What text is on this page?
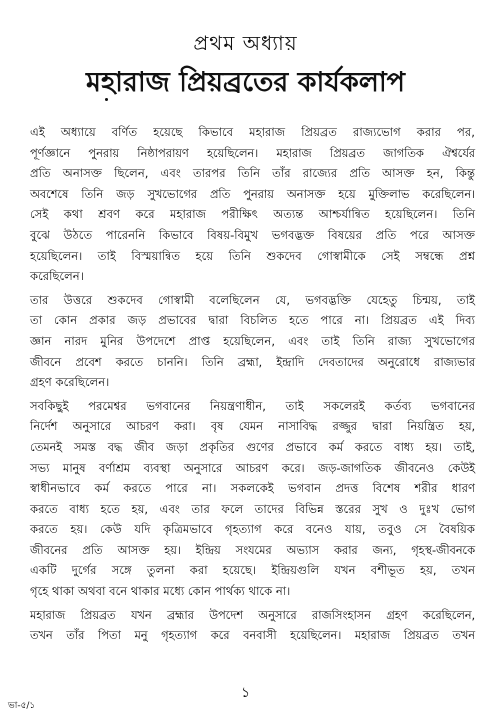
প্রথম অধ্যায়
মহারাজ প্রিয়ব্রতের কার্যকলাপ
এই অধ্যায়ে বর্ণিত হয়েছে কিভাবে মহারাজ প্রিয়ব্রত রাজ্যভোগ করার পর,
পূর্ণজ্ঞানে পুনরায় নিষ্ঠাপরায়ণ হয়েছিলেন। মহারাজ প্রিয়ব্রত জাগতিক ঐশ্বর্যের
প্রতি অনাসক্ত ছিলেন, এবং তারপর তিনি তাঁর রাজ্যের প্রতি আসক্ত হন, কিন্তু
অবশেষে তিনি জড় সুখভোগের প্রতি পুনরায় অনাসক্ত হয়ে মুক্তিলাভ করেছিলেন।
সেই কথা শ্রবণ করে মহারাজ পরীক্ষিৎ অত্যন্ত আশ্চর্যান্বিত হয়েছিলেন। তিনি
বুঝে উঠতে পারেননি কিভাবে বিষয়-বিমুখ ভগবদ্ভক্ত বিষয়ের প্রতি পরে আসক্ত
হয়েছিলেন। তাই বিস্ময়ান্বিত হয়ে তিনি শুকদেব গোস্বামীকে সেই সম্বন্ধে প্রশ্ন
করেছিলেন।
তার উত্তরে শুকদেব গোস্বামী বলেছিলেন যে, ভগবদ্ভক্তি যেহেতু চিন্ময়, তাই
তা কোন প্রকার জড় প্রভাবের দ্বারা বিচলিত হতে পারে না। প্রিয়ব্রত এই দিব্য
জ্ঞান নারদ মুনির উপদেশে প্রাপ্ত হয়েছিলেন, এবং তাই তিনি রাজ্য সুখভোগের
জীবনে প্রবেশ করতে চাননি। তিনি ব্রহ্মা, ইন্দ্রাদি দেবতাদের অনুরোধে রাজ্যভার
গ্রহণ করেছিলেন।
সবকিছুই পরমেশ্বর ভগবানের নিয়ন্ত্রণাধীন, তাই সকলেরই কর্তব্য ভগবানের
নির্দেশ অনুসারে আচরণ করা। বৃষ যেমন নাসাবিদ্ধ রজ্জুর দ্বারা নিয়ন্ত্রিত হয়,
তেমনই সমস্ত বদ্ধ জীব জড়া প্রকৃতির গুণের প্রভাবে কর্ম করতে বাধ্য হয়। তাই,
সভ্য মানুষ বর্ণাশ্রম ব্যবস্থা অনুসারে আচরণ করে। জড়-জাগতিক জীবনেও কেউই
স্বাধীনভাবে কর্ম করতে পারে না। সকলকেই ভগবান প্রদত্ত বিশেষ শরীর ধারণ
করতে বাধ্য হতে হয়, এবং তার ফলে তাদের বিভিন্ন স্তরের সুখ ও দুঃখ ভোগ
করতে হয়। কেউ যদি কৃত্রিমভাবে গৃহত্যাগ করে বনেও যায়, তবুও সে বৈষয়িক
জীবনের প্রতি আসক্ত হয়। ইন্দ্রিয় সংযমের অভ্যাস করার জন্য, গৃহস্থ-জীবনকে
একটি দুর্গের সঙ্গে তুলনা করা হয়েছে। ইন্দ্রিয়গুলি যখন বশীভূত হয়, তখন
গৃহে থাকা অথবা বনে থাকার মধ্যে কোন পার্থক্য থাকে না।
মহারাজ প্রিয়ব্রত যখন ব্রহ্মার উপদেশ অনুসারে রাজসিংহাসন গ্রহণ করেছিলেন,
তখন তাঁর পিতা মনু গৃহত্যাগ করে বনবাসী হয়েছিলেন। মহারাজ প্রিয়ব্রত তখন
১
ভা-৫/১
